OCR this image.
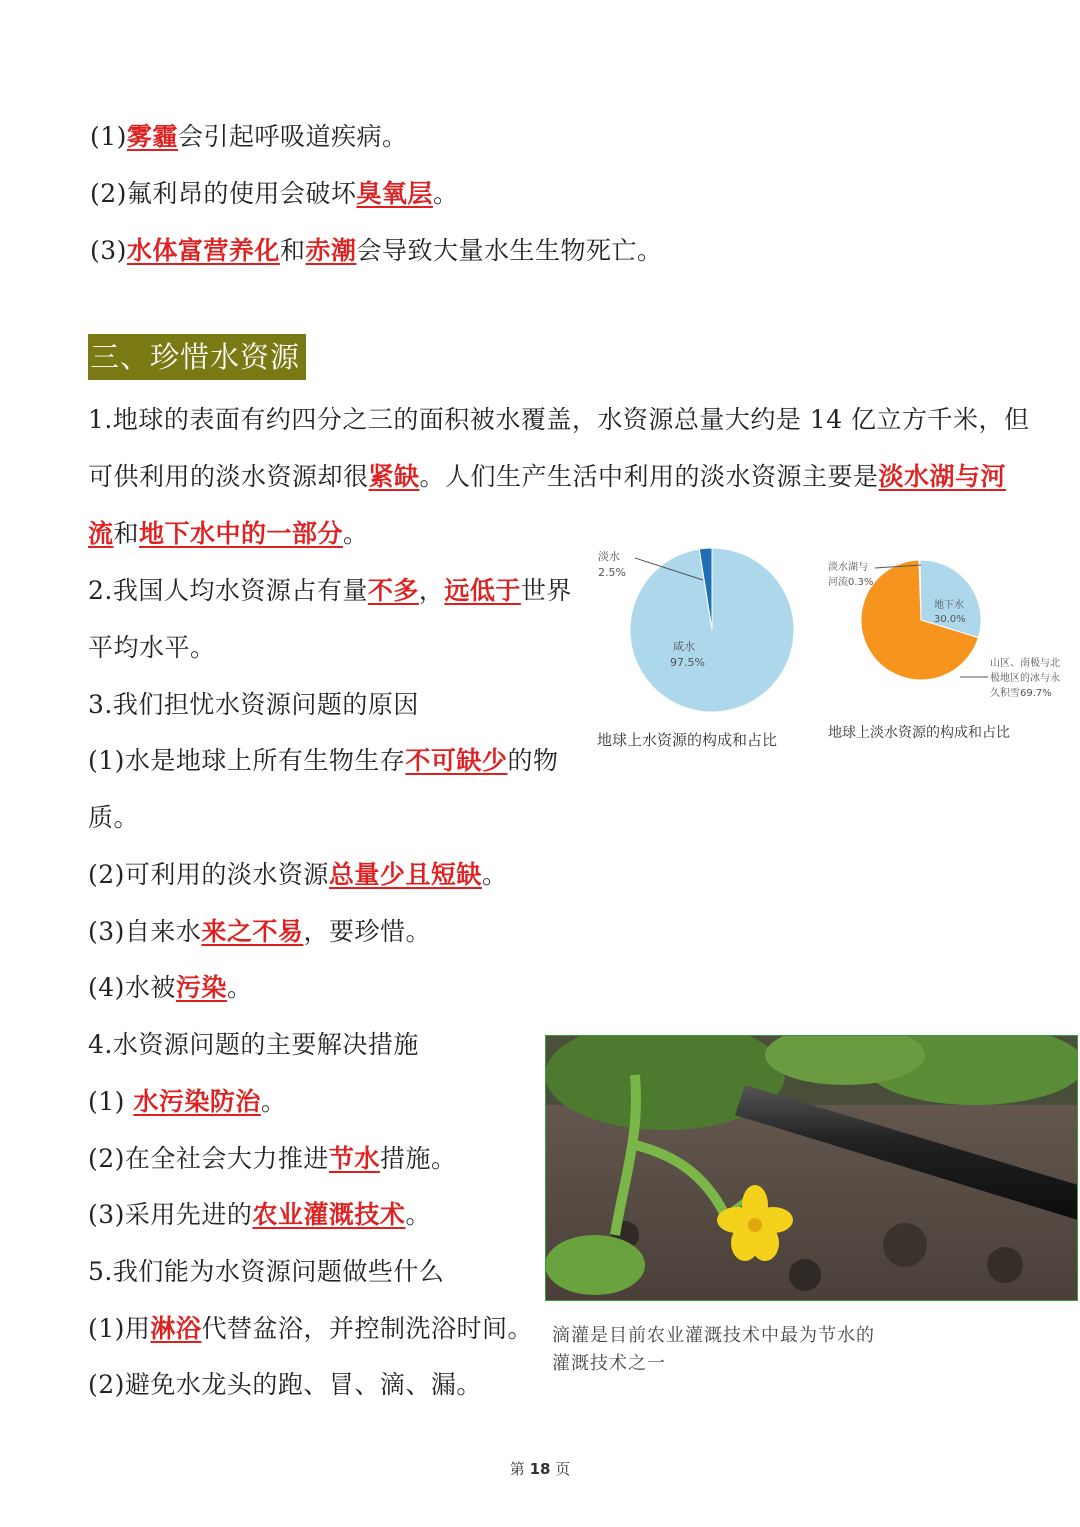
(1)雾霾会引起呼吸道疾病。
(2)氟利昂的使用会破坏臭氧层。
(3)水体富营养化和赤潮会导致大量水生生物死亡。
三、珍惜水资源
1.地球的表面有约四分之三的面积被水覆盖，水资源总量大约是 14 亿立方千米，但
可供利用的淡水资源却很紧缺。人们生产生活中利用的淡水资源主要是淡水湖与河
流和地下水中的一部分。
2.我国人均水资源占有量不多，远低于世界
平均水平。
3.我们担忧水资源问题的原因
(1)水是地球上所有生物生存不可缺少的物
质。
(2)可利用的淡水资源总量少且短缺。
(3)自来水来之不易，要珍惜。
(4)水被污染。
4.水资源问题的主要解决措施
(1) 水污染防治。
(2)在全社会大力推进节水措施。
(3)采用先进的农业灌溉技术。
5.我们能为水资源问题做些什么
(1)用淋浴代替盆浴，并控制洗浴时间。
(2)避免水龙头的跑、冒、滴、漏。
淡水
2.5%
咸水
97.5%
淡水湖与
河流0.3%
地下水
30.0%
山区、南极与北
极地区的冰与永
久积雪69.7%
地球上水资源的构成和占比	地球上淡水资源的构成和占比
滴灌是目前农业灌溉技术中最为节水的
灌溉技术之一
第 18 页
